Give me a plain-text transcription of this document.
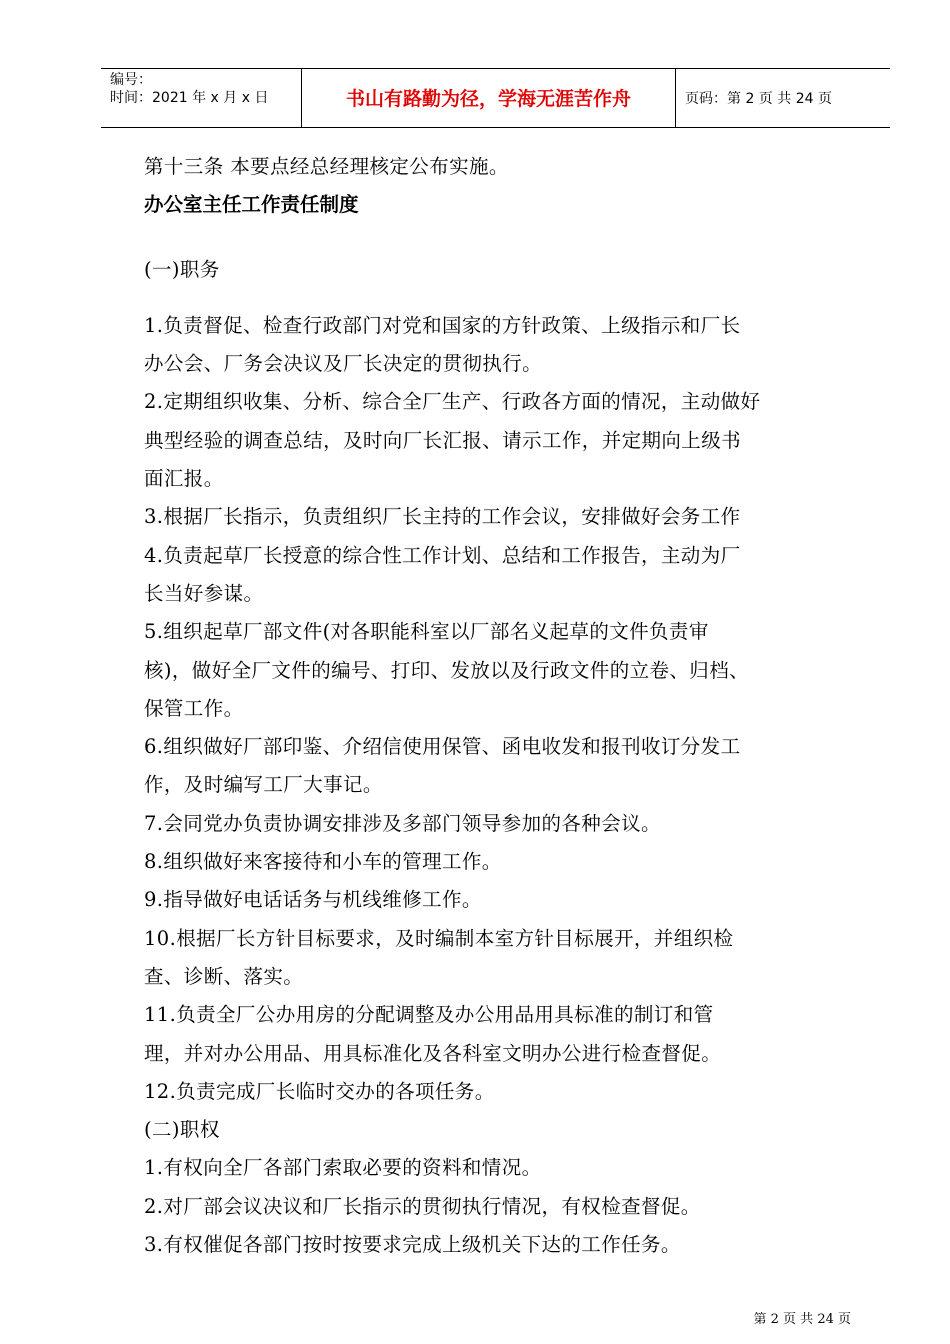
编号：
时间：2021 年 x 月 x 日	书山有路勤为径，学海无涯苦作舟	页码：第 2 页 共 24 页

第十三条 本要点经总经理核定公布实施。

办公室主任工作责任制度

(一)职务

1.负责督促、检查行政部门对党和国家的方针政策、上级指示和厂长

办公会、厂务会决议及厂长决定的贯彻执行。

2.定期组织收集、分析、综合全厂生产、行政各方面的情况，主动做好

典型经验的调查总结，及时向厂长汇报、请示工作，并定期向上级书

面汇报。

3.根据厂长指示，负责组织厂长主持的工作会议，安排做好会务工作

4.负责起草厂长授意的综合性工作计划、总结和工作报告，主动为厂

长当好参谋。

5.组织起草厂部文件(对各职能科室以厂部名义起草的文件负责审

核)，做好全厂文件的编号、打印、发放以及行政文件的立卷、归档、

保管工作。

6.组织做好厂部印鉴、介绍信使用保管、函电收发和报刊收订分发工

作，及时编写工厂大事记。

7.会同党办负责协调安排涉及多部门领导参加的各种会议。

8.组织做好来客接待和小车的管理工作。

9.指导做好电话话务与机线维修工作。

10.根据厂长方针目标要求，及时编制本室方针目标展开，并组织检

查、诊断、落实。

11.负责全厂公办用房的分配调整及办公用品用具标准的制订和管

理，并对办公用品、用具标准化及各科室文明办公进行检查督促。

12.负责完成厂长临时交办的各项任务。

(二)职权

1.有权向全厂各部门索取必要的资料和情况。

2.对厂部会议决议和厂长指示的贯彻执行情况，有权检查督促。

3.有权催促各部门按时按要求完成上级机关下达的工作任务。

第 2 页 共 24 页
